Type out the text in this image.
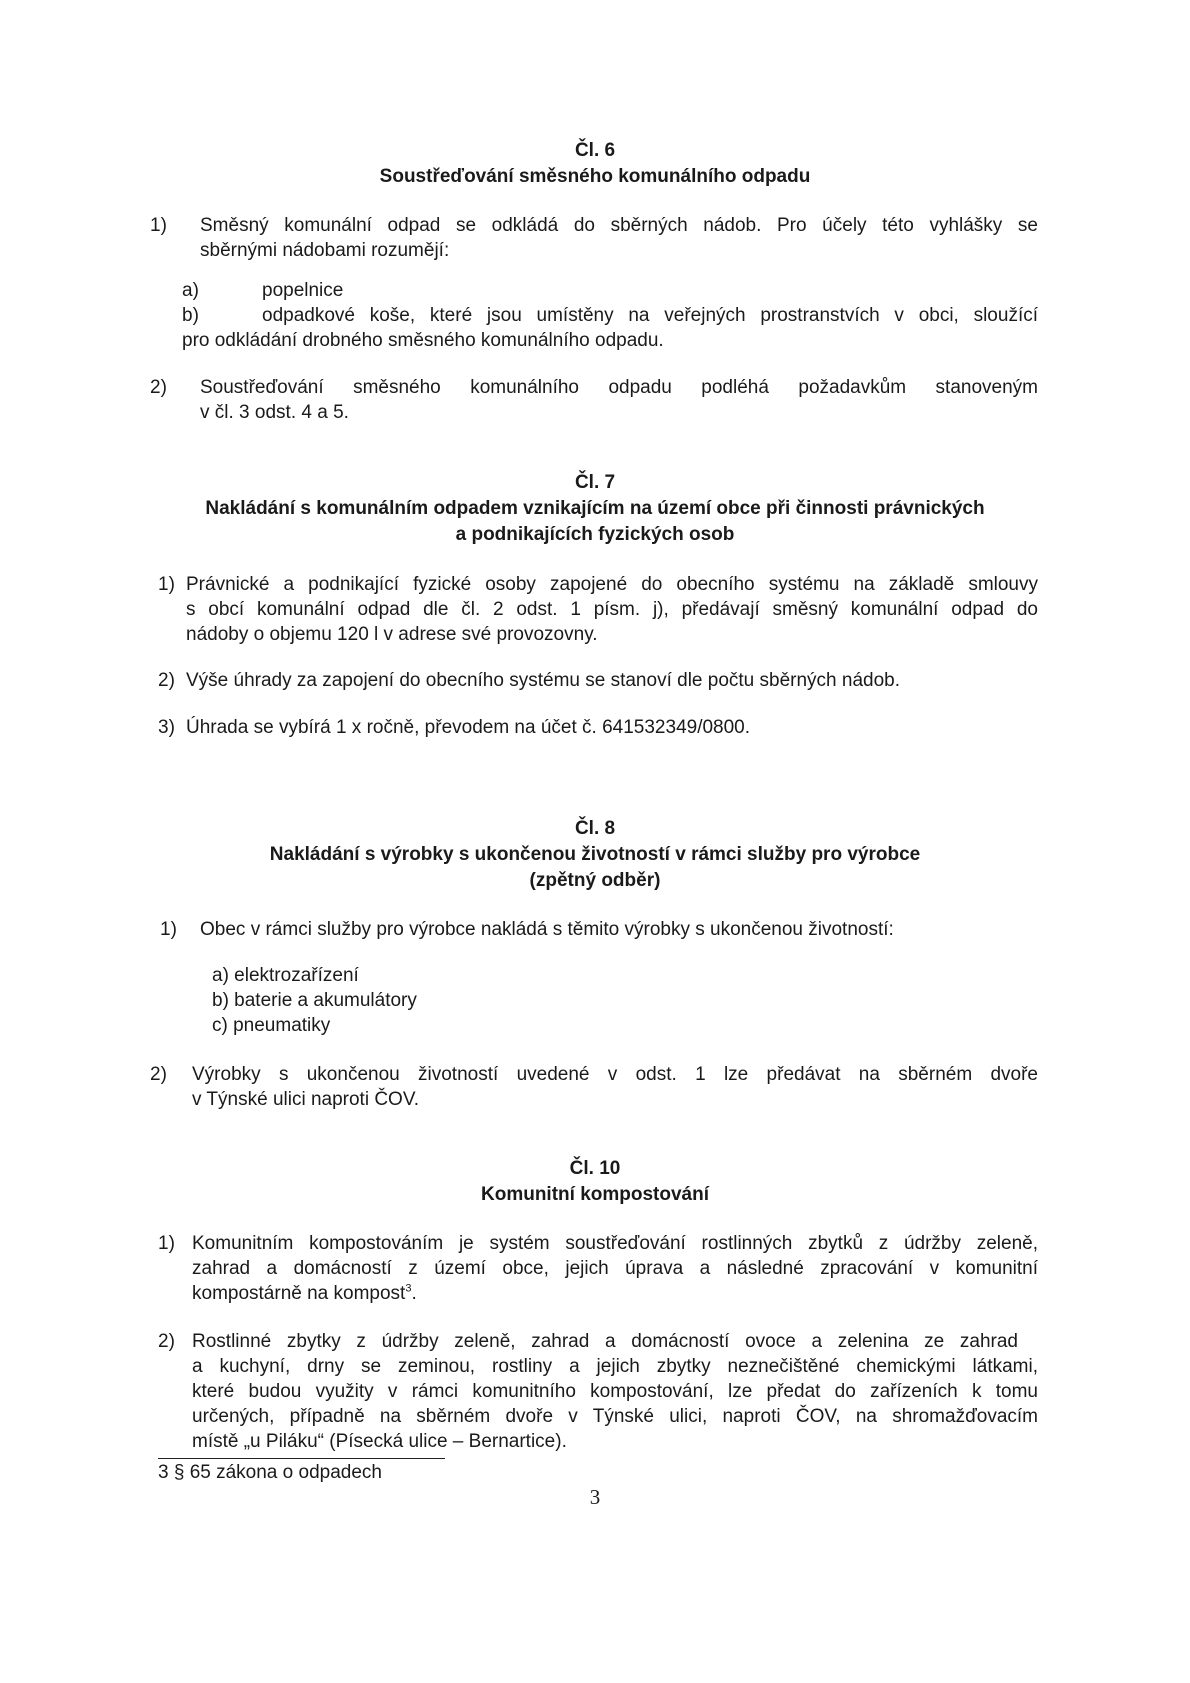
Čl. 6
Soustřeďování směsného komunálního odpadu
1) Směsný komunální odpad se odkládá do sběrných nádob. Pro účely této vyhlášky se
sběrnými nádobami rozumějí:
a)	popelnice
b)	odpadkové koše, které jsou umístěny na veřejných prostranstvích v obci, sloužící
pro odkládání drobného směsného komunálního odpadu.
2) Soustřeďování směsného komunálního odpadu podléhá požadavkům stanoveným
v čl. 3 odst. 4 a 5.
Čl. 7
Nakládání s komunálním odpadem vznikajícím na území obce při činnosti právnických
a podnikajících fyzických osob
1) Právnické a podnikající fyzické osoby zapojené do obecního systému na základě smlouvy
s obcí komunální odpad dle čl. 2 odst. 1 písm. j), předávají směsný komunální odpad do
nádoby o objemu 120 l v adrese své provozovny.
2) Výše úhrady za zapojení do obecního systému se stanoví dle počtu sběrných nádob.
3) Úhrada se vybírá 1 x ročně, převodem na účet č. 641532349/0800.
Čl. 8
Nakládání s výrobky s ukončenou životností v rámci služby pro výrobce
(zpětný odběr)
1) Obec v rámci služby pro výrobce nakládá s těmito výrobky s ukončenou životností:
a) elektrozařízení
b) baterie a akumulátory
c) pneumatiky
2) Výrobky s ukončenou životností uvedené v odst. 1 lze předávat na sběrném dvoře
v Týnské ulici naproti ČOV.
Čl. 10
Komunitní kompostování
1) Komunitním kompostováním je systém soustřeďování rostlinných zbytků z údržby zeleně,
zahrad a domácností z území obce, jejich úprava a následné zpracování v komunitní
kompostárně na kompost$^3$.
2) Rostlinné zbytky z údržby zeleně, zahrad a domácností ovoce a zelenina ze zahrad
a kuchyní, drny se zeminou, rostliny a jejich zbytky neznečištěné chemickými látkami,
které budou využity v rámci komunitního kompostování, lze předat do zařízeních k tomu
určených, případně na sběrném dvoře v Týnské ulici, naproti ČOV, na shromažďovacím
místě „u Piláku“ (Písecká ulice – Bernartice).
3 § 65 zákona o odpadech
3
